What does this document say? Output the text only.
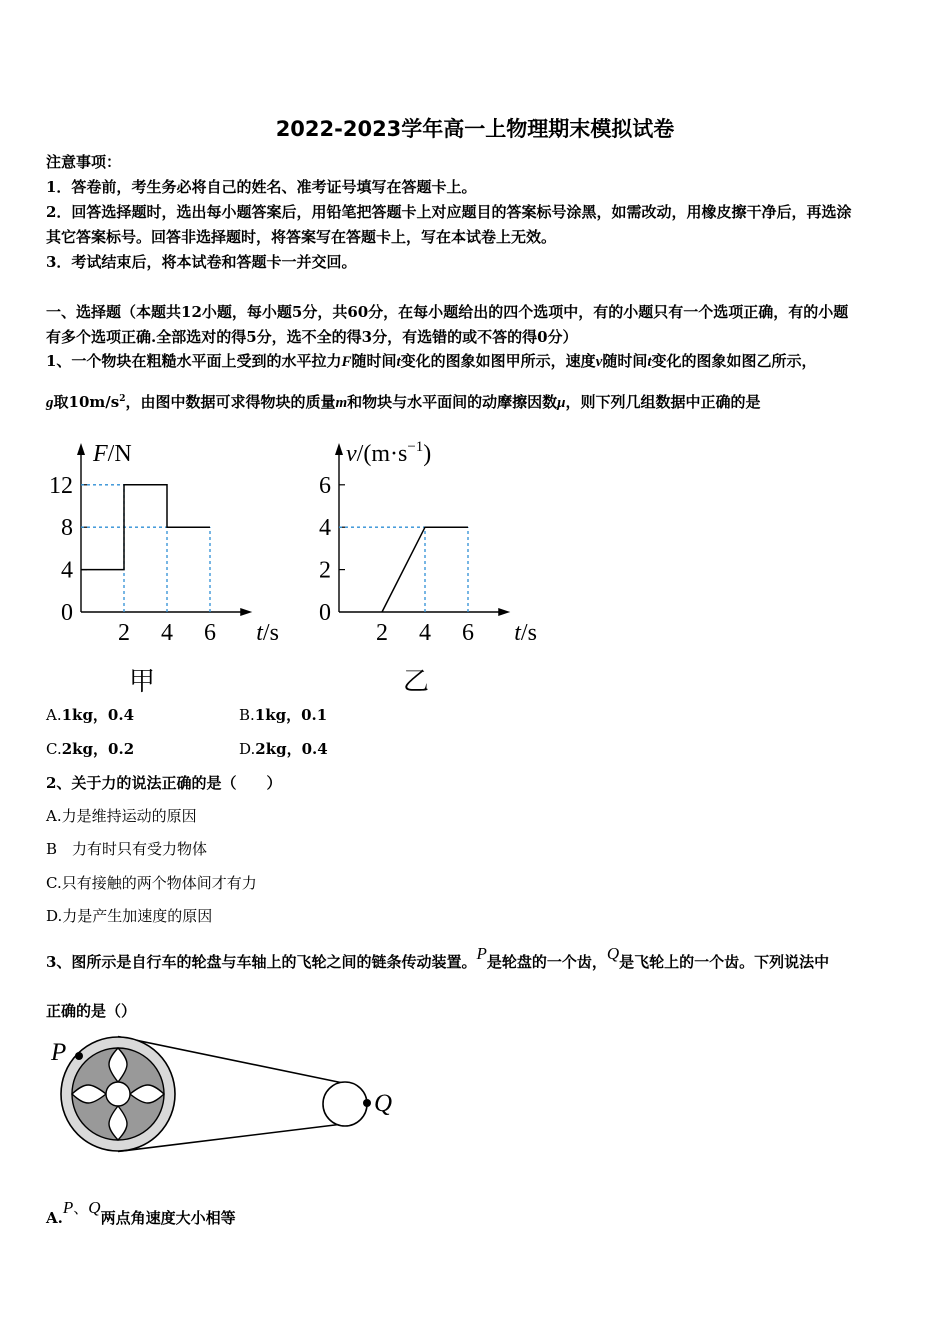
2022-2023学年高一上物理期末模拟试卷
注意事项：
1．答卷前，考生务必将自己的姓名、准考证号填写在答题卡上。
2．回答选择题时，选出每小题答案后，用铅笔把答题卡上对应题目的答案标号涂黑，如需改动，用橡皮擦干净后，再选涂
其它答案标号。回答非选择题时，将答案写在答题卡上，写在本试卷上无效。
3．考试结束后，将本试卷和答题卡一并交回。
一、选择题（本题共12小题，每小题5分，共60分，在每小题给出的四个选项中，有的小题只有一个选项正确，有的小题
有多个选项正确.全部选对的得5分，选不全的得3分，有选错的或不答的得0分）
1、一个物块在粗糙水平面上受到的水平拉力F随时间t变化的图象如图甲所示，速度v随时间t变化的图象如图乙所示，
g取$10m/s^2$，由图中数据可求得物块的质量m和物块与水平面间的动摩擦因数μ，则下列几组数据中正确的是
4
8
12
2 4 6
0
F/N
t/s
甲
2
4
6
2 4 6
0
$v/(m\cdot s^{-1})$
t/s
乙
A.1kg，0.4	B.1kg，0.1
C.2kg，0.2	D.2kg，0.4
2、关于力的说法正确的是（　　）
A.力是维持运动的原因
B　力有时只有受力物体
C.只有接触的两个物体间才有力
D.力是产生加速度的原因
3、图所示是自行车的轮盘与车轴上的飞轮之间的链条传动装置。P是轮盘的一个齿，Q是飞轮上的一个齿。下列说法中
正确的是（）
P
Q
A.P、Q两点角速度大小相等
